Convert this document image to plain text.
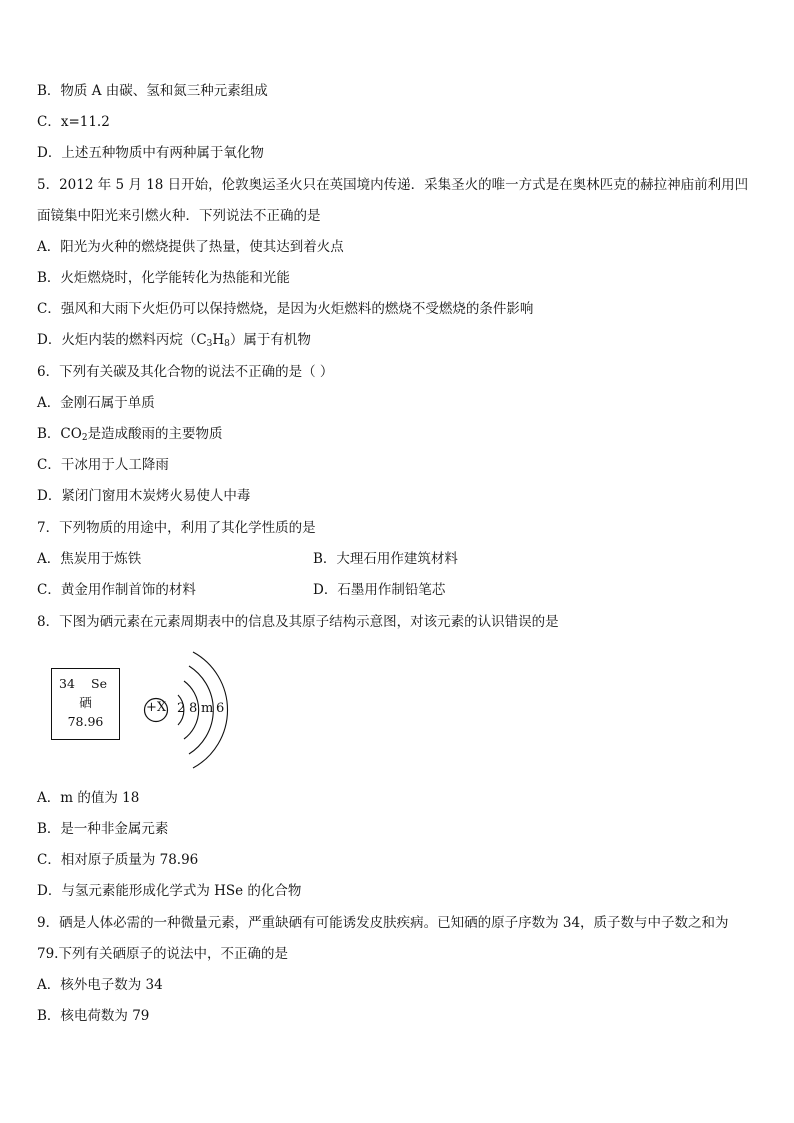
B．物质 A 由碳、氢和氮三种元素组成
C．x=11.2
D．上述五种物质中有两种属于氧化物
5．2012 年 5 月 18 日开始，伦敦奥运圣火只在英国境内传递．采集圣火的唯一方式是在奥林匹克的赫拉神庙前利用凹
面镜集中阳光来引燃火种．下列说法不正确的是
A．阳光为火种的燃烧提供了热量，使其达到着火点
B．火炬燃烧时，化学能转化为热能和光能
C．强风和大雨下火炬仍可以保持燃烧，是因为火炬燃料的燃烧不受燃烧的条件影响
D．火炬内装的燃料丙烷$(C_3H_8)$属于有机物
6．下列有关碳及其化合物的说法不正确的是（ ）
A．金刚石属于单质
B．$CO_2$是造成酸雨的主要物质
C．干冰用于人工降雨
D．紧闭门窗用木炭烤火易使人中毒
7．下列物质的用途中，利用了其化学性质的是
A．焦炭用于炼铁	B．大理石用作建筑材料
C．黄金用作制首饰的材料	D．石墨用作制铅笔芯
8．下图为硒元素在元素周期表中的信息及其原子结构示意图，对该元素的认识错误的是
34 Se
硒
78.96
+X 2 8 m 6
A．m 的值为 18
B．是一种非金属元素
C．相对原子质量为 78.96
D．与氢元素能形成化学式为 HSe 的化合物
9．硒是人体必需的一种微量元素，严重缺硒有可能诱发皮肤疾病。已知硒的原子序数为 34，质子数与中子数之和为
79.下列有关硒原子的说法中，不正确的是
A．核外电子数为 34
B．核电荷数为 79
